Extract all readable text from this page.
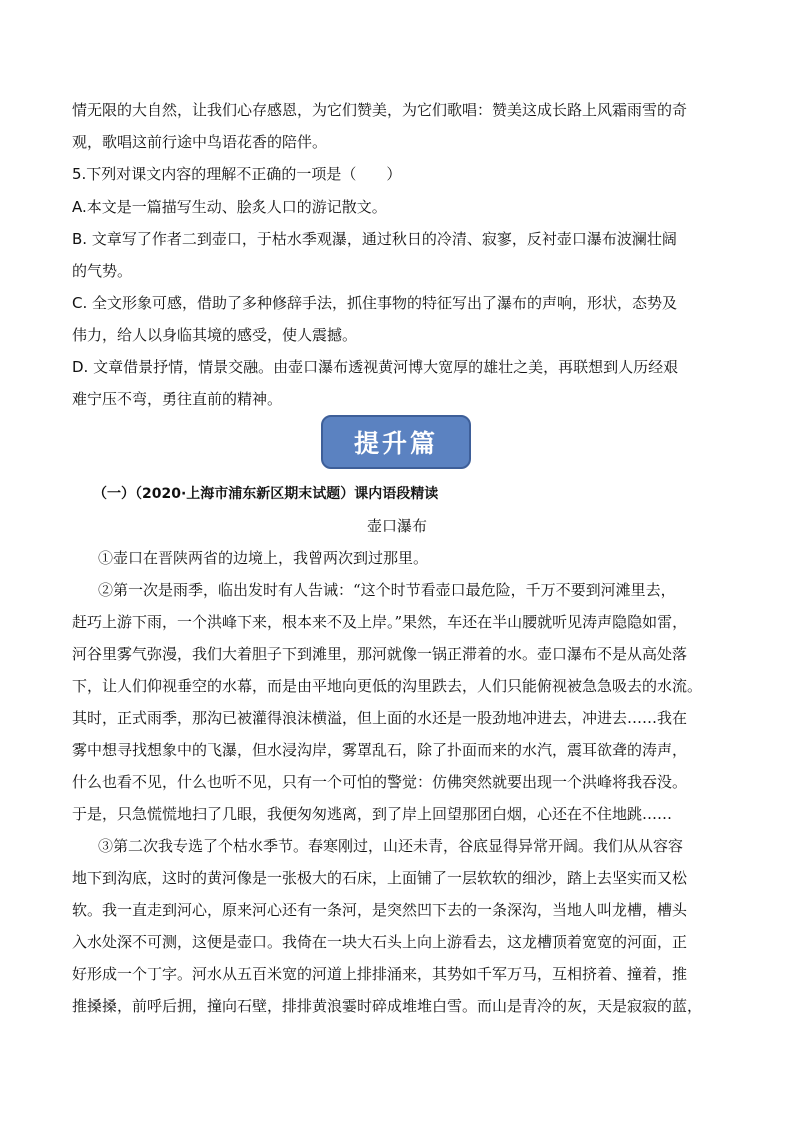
情无限的大自然，让我们心存感恩，为它们赞美，为它们歌唱：赞美这成长路上风霜雨雪的奇
观，歌唱这前行途中鸟语花香的陪伴。
5.下列对课文内容的理解不正确的一项是（　　）
A.本文是一篇描写生动、脍炙人口的游记散文。
B. 文章写了作者二到壶口，于枯水季观瀑，通过秋日的冷清、寂寥，反衬壶口瀑布波澜壮阔
的气势。
C. 全文形象可感，借助了多种修辞手法，抓住事物的特征写出了瀑布的声响，形状，态势及
伟力，给人以身临其境的感受，使人震撼。
D. 文章借景抒情，情景交融。由壶口瀑布透视黄河博大宽厚的雄壮之美，再联想到人历经艰
难宁压不弯，勇往直前的精神。
提升篇
（一）（2020·上海市浦东新区期末试题）课内语段精读
壶口瀑布
①壶口在晋陕两省的边境上，我曾两次到过那里。
②第一次是雨季，临出发时有人告诫：“这个时节看壶口最危险，千万不要到河滩里去，
赶巧上游下雨，一个洪峰下来，根本来不及上岸。”果然，车还在半山腰就听见涛声隐隐如雷，
河谷里雾气弥漫，我们大着胆子下到滩里，那河就像一锅正滞着的水。壶口瀑布不是从高处落
下，让人们仰视垂空的水幕，而是由平地向更低的沟里跌去，人们只能俯视被急急吸去的水流。
其时，正式雨季，那沟已被灌得浪沫横溢，但上面的水还是一股劲地冲进去，冲进去……我在
雾中想寻找想象中的飞瀑，但水浸沟岸，雾罩乱石，除了扑面而来的水汽，震耳欲聋的涛声，
什么也看不见，什么也听不见，只有一个可怕的警觉：仿佛突然就要出现一个洪峰将我吞没。
于是，只急慌慌地扫了几眼，我便匆匆逃离，到了岸上回望那团白烟，心还在不住地跳……
③第二次我专选了个枯水季节。春寒刚过，山还未青，谷底显得异常开阔。我们从从容容
地下到沟底，这时的黄河像是一张极大的石床，上面铺了一层软软的细沙，踏上去坚实而又松
软。我一直走到河心，原来河心还有一条河，是突然凹下去的一条深沟，当地人叫龙槽，槽头
入水处深不可测，这便是壶口。我倚在一块大石头上向上游看去，这龙槽顶着宽宽的河面，正
好形成一个丁字。河水从五百米宽的河道上排排涌来，其势如千军万马，互相挤着、撞着，推
推搡搡，前呼后拥，撞向石壁，排排黄浪霎时碎成堆堆白雪。而山是青冷的灰，天是寂寂的蓝，
